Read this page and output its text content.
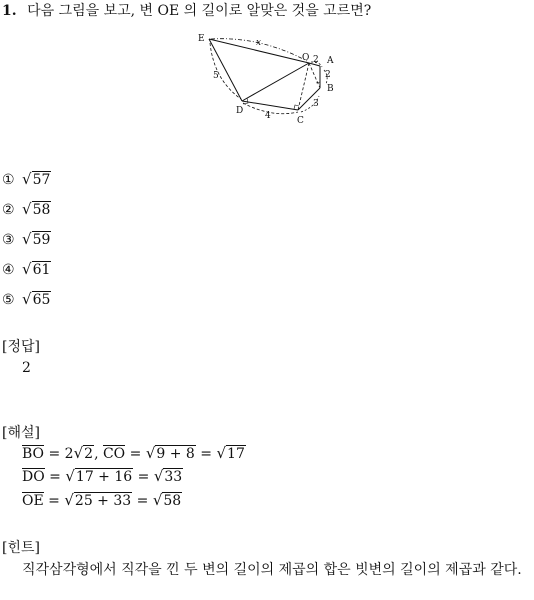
1. 다음 그림을 보고, 변 OE 의 길이로 알맞은 것을 고르면?
E
O A
B
C
D
2
2
3
4
5
x
① √57
② √58
③ √59
④ √61
⑤ √65
[정답]
2
[해설]
BO = 2√2, CO = √9 + 8 = √17
DO = √17 + 16 = √33
OE = √25 + 33 = √58
[힌트]
직각삼각형에서 직각을 낀 두 변의 길이의 제곱의 합은 빗변의 길이의 제곱과 같다.
